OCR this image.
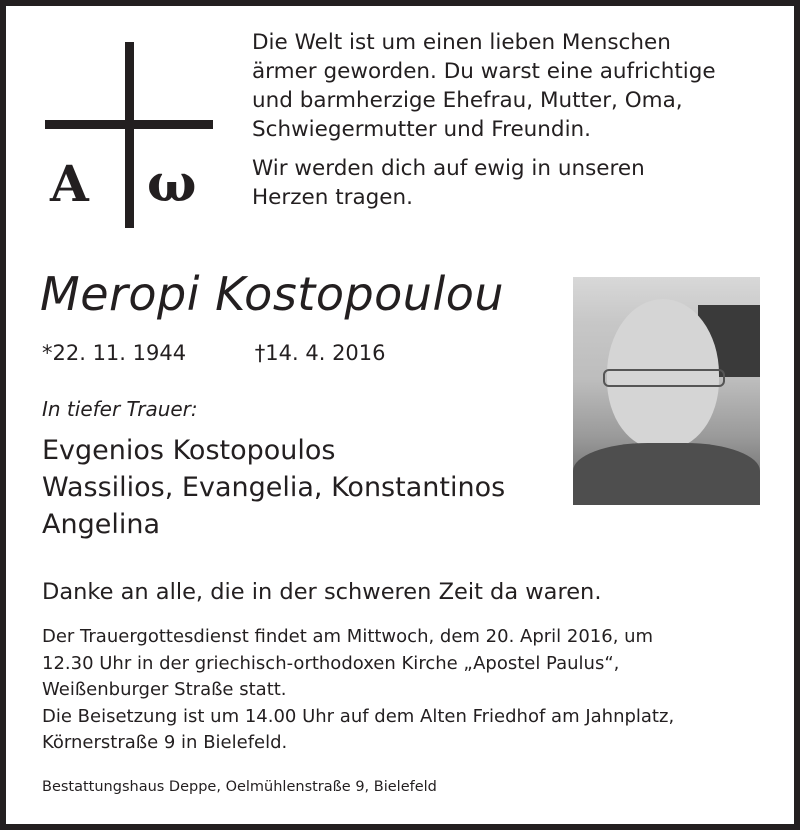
A ω

Die Welt ist um einen lieben Menschen
ärmer geworden. Du warst eine aufrichtige
und barmherzige Ehefrau, Mutter, Oma,
Schwiegermutter und Freundin.

Wir werden dich auf ewig in unseren
Herzen tragen.

Meropi Kostopoulou
*22. 11. 1944	†14. 4. 2016
In tiefer Trauer:
Evgenios Kostopoulos
Wassilios, Evangelia, Konstantinos
Angelina
Danke an alle, die in der schweren Zeit da waren.
Der Trauergottesdienst findet am Mittwoch, dem 20. April 2016, um
12.30 Uhr in der griechisch-orthodoxen Kirche „Apostel Paulus“,
Weißenburger Straße statt.
Die Beisetzung ist um 14.00 Uhr auf dem Alten Friedhof am Jahnplatz,
Körnerstraße 9 in Bielefeld.
Bestattungshaus Deppe, Oelmühlenstraße 9, Bielefeld
